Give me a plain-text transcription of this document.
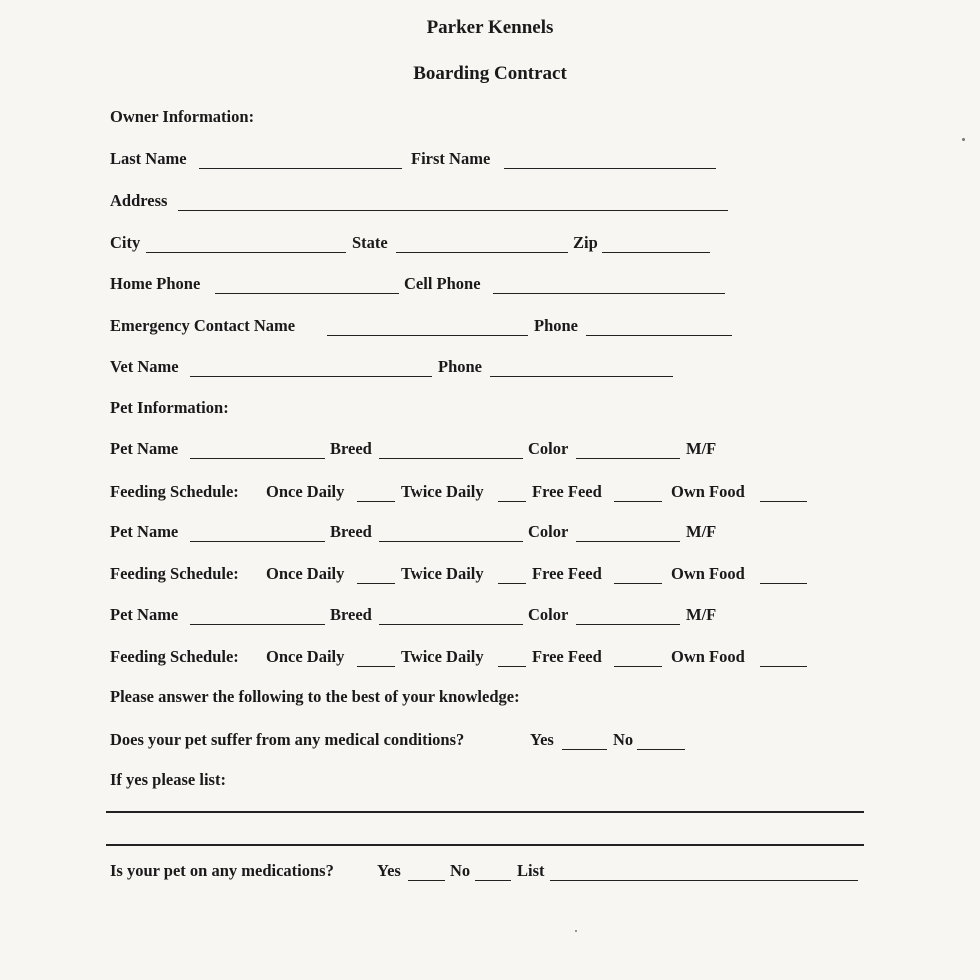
Parker Kennels
Boarding Contract
Owner Information:
Last Name	First Name
Address
City	State	Zip
Home Phone	Cell Phone
Emergency Contact Name	Phone
Vet Name	Phone
Pet Information:
Pet Name	Breed	Color	M/F
Feeding Schedule: Once Daily	Twice Daily	Free Feed	Own Food
Pet Name	Breed	Color	M/F
Feeding Schedule: Once Daily	Twice Daily	Free Feed	Own Food
Pet Name	Breed	Color	M/F
Feeding Schedule: Once Daily	Twice Daily	Free Feed	Own Food
Please answer the following to the best of your knowledge:
Does your pet suffer from any medical conditions?	Yes	No
If yes please list:
Is your pet on any medications?	Yes	No	List
